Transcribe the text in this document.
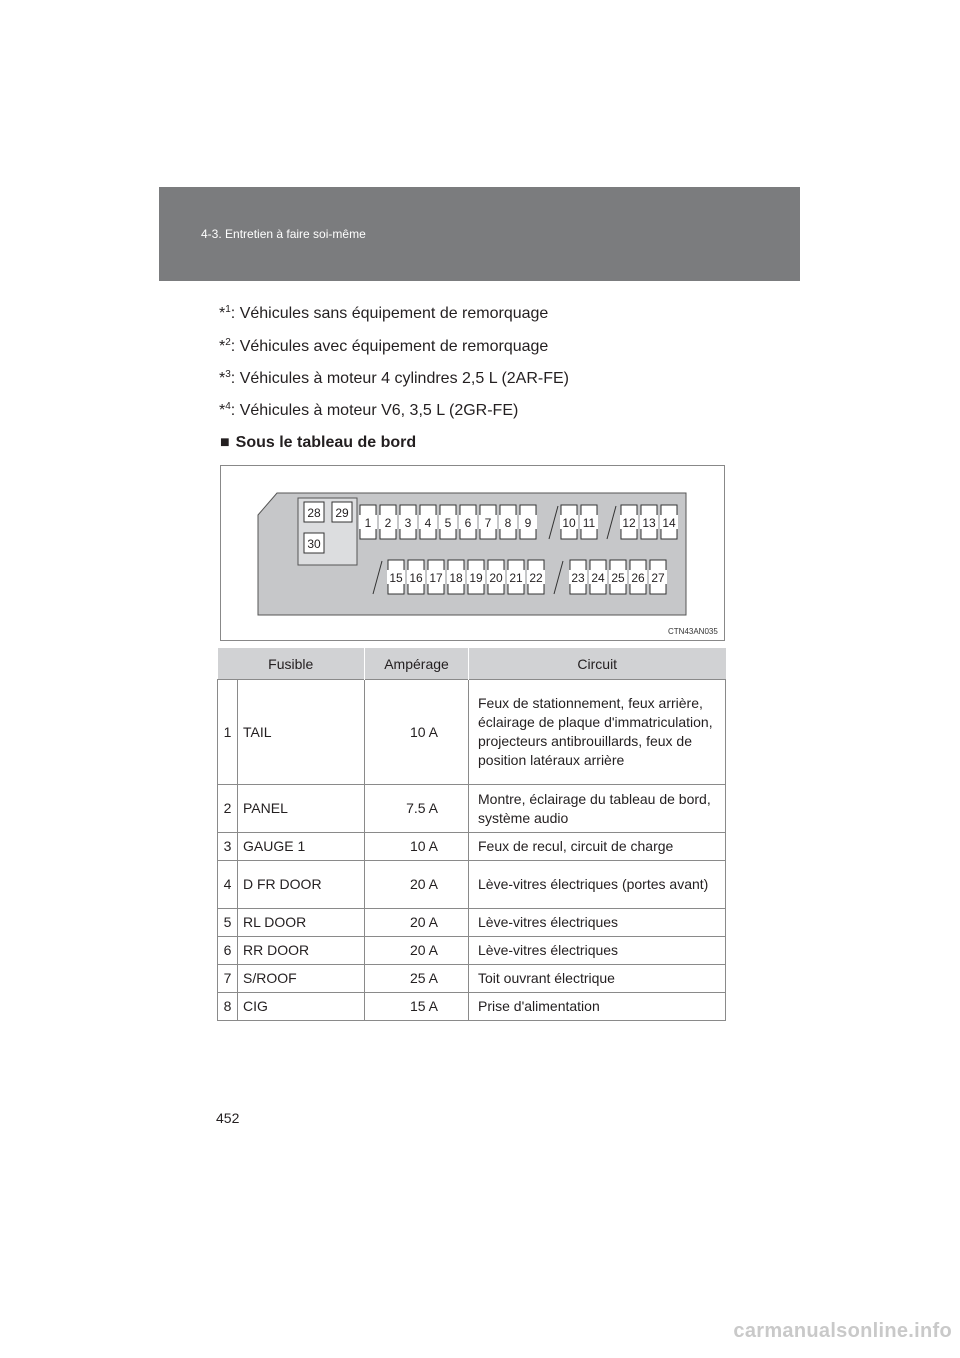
4-3. Entretien à faire soi-même
*$^1$: Véhicules sans équipement de remorquage
*$^2$: Véhicules avec équipement de remorquage
*$^3$: Véhicules à moteur 4 cylindres 2,5 L (2AR-FE)
*$^4$: Véhicules à moteur V6, 3,5 L (2GR-FE)
■ Sous le tableau de bord
1 2 3 4 5 6 7 8 9	10 11 12 13 14
15 16 17 18 19 20 21 22 23 24 25 26 27
28 29
30
CTN43AN035
Fusible		Ampérage	Circuit
1	TAIL	10 A	Feux de stationnement, feux arrière, éclairage de plaque d'immatriculation, projecteurs antibrouillards, feux de position latéraux arrière
2	PANEL	7.5 A	Montre, éclairage du tableau de bord, système audio
3	GAUGE 1	10 A	Feux de recul, circuit de charge
4	D FR DOOR	20 A	Lève-vitres électriques (portes avant)
5	RL DOOR	20 A	Lève-vitres électriques
6	RR DOOR	20 A	Lève-vitres électriques
7	S/ROOF	25 A	Toit ouvrant électrique
8	CIG	15 A	Prise d'alimentation
452
carmanualsonline.info
